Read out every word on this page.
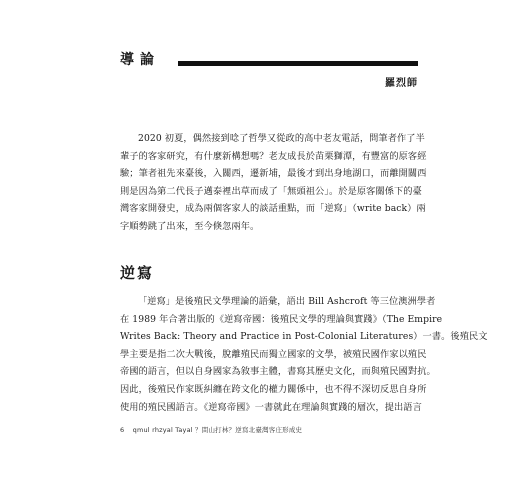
導論
羅烈師

2020 初夏，偶然接到唸了哲學又從政的高中老友電話，問筆者作了半
輩子的客家研究，有什麼新構想嗎？老友成長於苗栗獅潭，有豐富的原客經
驗；筆者祖先來臺後，入關西，遷新埔，最後才到出身地湖口，而離開關西
則是因為第二代長子邁泰裡出草而成了「無頭祖公」。於是原客關係下的臺
灣客家開發史，成為兩個客家人的談話重點，而「逆寫」（write back）兩
字順勢跳了出來，至今倏忽兩年。

逆寫

「逆寫」是後殖民文學理論的語彙，語出 Bill Ashcroft 等三位澳洲學者
在 1989 年合著出版的《逆寫帝國：後殖民文學的理論與實踐》（The Empire
Writes Back: Theory and Practice in Post-Colonial Literatures）一書。後殖民文
學主要是指二次大戰後，脫離殖民而獨立國家的文學，被殖民國作家以殖民
帝國的語言，但以自身國家為敘事主體，書寫其歷史文化，而與殖民國對抗。
因此，後殖民作家既糾纏在跨文化的權力關係中，也不得不深切反思自身所
使用的殖民國語言。《逆寫帝國》一書就此在理論與實踐的層次，提出語言

6 qmul rhzyal Tayal ？問山打林？逆寫北臺灣客庄形成史
